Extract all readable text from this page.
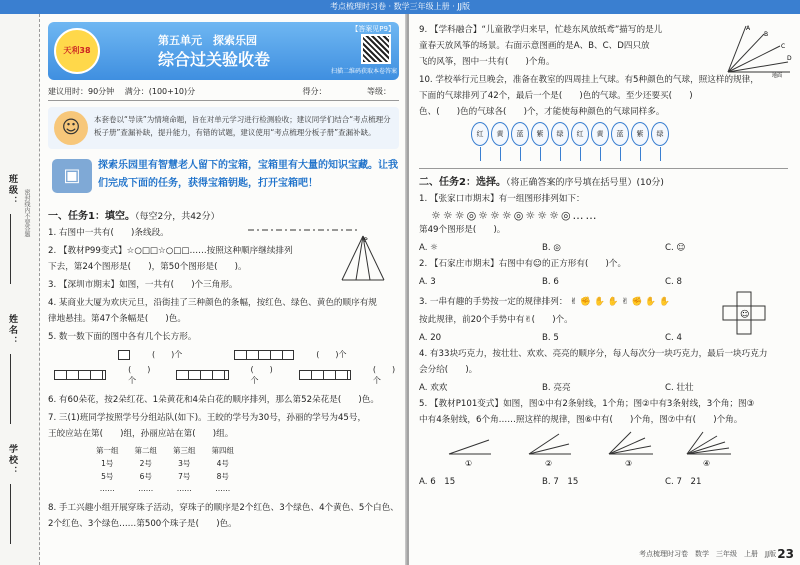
考点梳理时习卷 · 数学三年级上册 · JJ版
班级：	密封线内不要答题
姓名：
学校：
天利38
【答案见P9】
第五单元　探索乐园
综合过关验收卷
扫描二维码获取本卷答案
建议用时：90分钟 满分：(100+10)分	得分：	等级：
☺	本套卷以“导读”为情境命题，旨在对单元学习进行检测验收；建议同学们结合“考点梳理分板子册”查漏补缺，提升能力，有错的试题，建议使用“考点梳理分板子册”查漏补缺。
▣	探索乐园里有智慧老人留下的宝箱，宝箱里有大量的知识宝藏。让我们完成下面的任务，获得宝箱钥匙，打开宝箱吧！
一、任务1：填空。（每空2分，共42分）
1. 右图中一共有(　　)条线段。
2. 【教材P99变式】☆○□□☆○□□……按照这种顺序继续排列
下去，第24个图形是(　　)，第50个图形是(　　)。
P
3. 【深圳市期末】如图，一共有(　　)个三角形。
4. 某商业大厦为欢庆元旦，沿街挂了三种颜色的条幅，按红色、绿色、黄色的顺序有规
律地悬挂。第47个条幅是(　　)色。
5. 数一数下面的图中各有几个长方形。
(　　)个	(　　)个
(　　)个
(　　)个
(　　)个
6. 有60朵花，按2朵红花、1朵黄花和4朵白花的顺序排列，那么第52朵花是(　　)色。
7. 三(1)班同学按照学号分组站队(如下)。王皎的学号为30号，孙丽的学号为45号，
王皎应站在第(　　)组，孙丽应站在第(　　)组。
第一组	第二组	第三组	第四组
1号	2号	3号	4号
5号	6号	7号	8号
……	……	……	……
8. 手工兴趣小组开展穿珠子活动，穿珠子的顺序是2个红色、3个绿色、4个黄色、5个白色、
2个红色、3个绿色……第500个珠子是(　　)色。
9. 【学科融合】“儿童散学归来早，忙趁东风放纸鸢”描写的是儿
童春天放风筝的场景。右面示意图画的是A、B、C、D四只放
飞的风筝，图中一共有(　　)个角。
A
B
C
D
地面
10. 学校举行元旦晚会，准备在教室的四周挂上气球。有5种颜色的气球，照这样的规律，
下面的气球排列了42个，最后一个是(　　)色的气球。至少还要买(　　)
色、(　　)色的气球各(　　)个，才能使每种颜色的气球同样多。
红	黄	蓝	紫	绿	红	黄	蓝	紫	绿
二、任务2：选择。（将正确答案的序号填在括号里）(10分)
1. 【张家口市期末】有一组图形排列如下：
☼☼☼◎☼☼☼◎☼☼☼◎……
第49个图形是(　　)。
A. ☼	B. ◎	C. ☺
2. 【石家庄市期末】右图中有☺的正方形有(　　)个。
☺
A. 3	B. 6	C. 8
3. 一串有趣的手势按一定的规律排列： ✌✊✋✋✌✊✋✋
按此规律，前20个手势中有✌(　　)个。
A. 20	B. 5	C. 4
4. 有33块巧克力，按壮壮、欢欢、亮亮的顺序分，每人每次分一块巧克力，最后一块巧克力
会分给(　　)。
A. 欢欢	B. 亮亮	C. 壮壮
5. 【教材P101变式】如图，图①中有2条射线，1个角；图②中有3条射线，3个角；图③
中有4条射线，6个角……照这样的规律，图⑥中有(　　)个角，图⑦中有(　　)个角。
①	②	③	④
A. 6　15	B. 7　15	C. 7　21
考点梳理时习卷　数学　三年级　上册　JJ版 23
